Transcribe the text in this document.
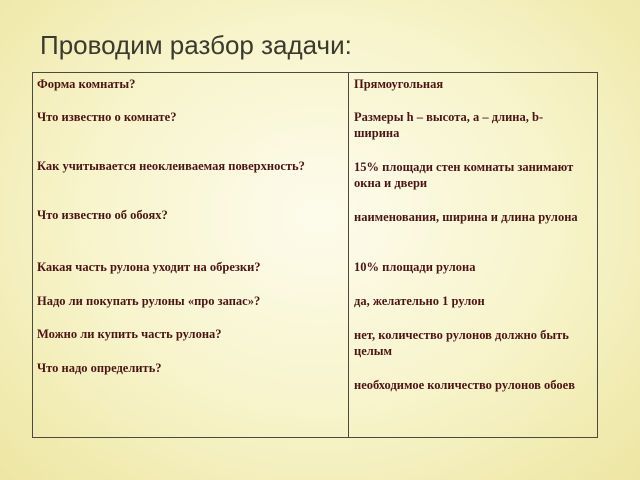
Проводим разбор задачи:
Форма комнаты?
Что известно о комнате?
Как учитывается неоклеиваемая поверхность?
Что известно об обоях?
Какая часть рулона уходит на обрезки?
Надо ли покупать рулоны «про запас»?
Можно ли купить часть рулона?
Что надо определить?
Прямоугольная
Размеры h – высота, a – длина, b- ширина
15% площади стен комнаты занимают окна и двери
наименования, ширина и длина рулона
10% площади рулона
да, желательно 1 рулон
нет, количество рулонов должно быть целым
необходимое количество рулонов обоев
